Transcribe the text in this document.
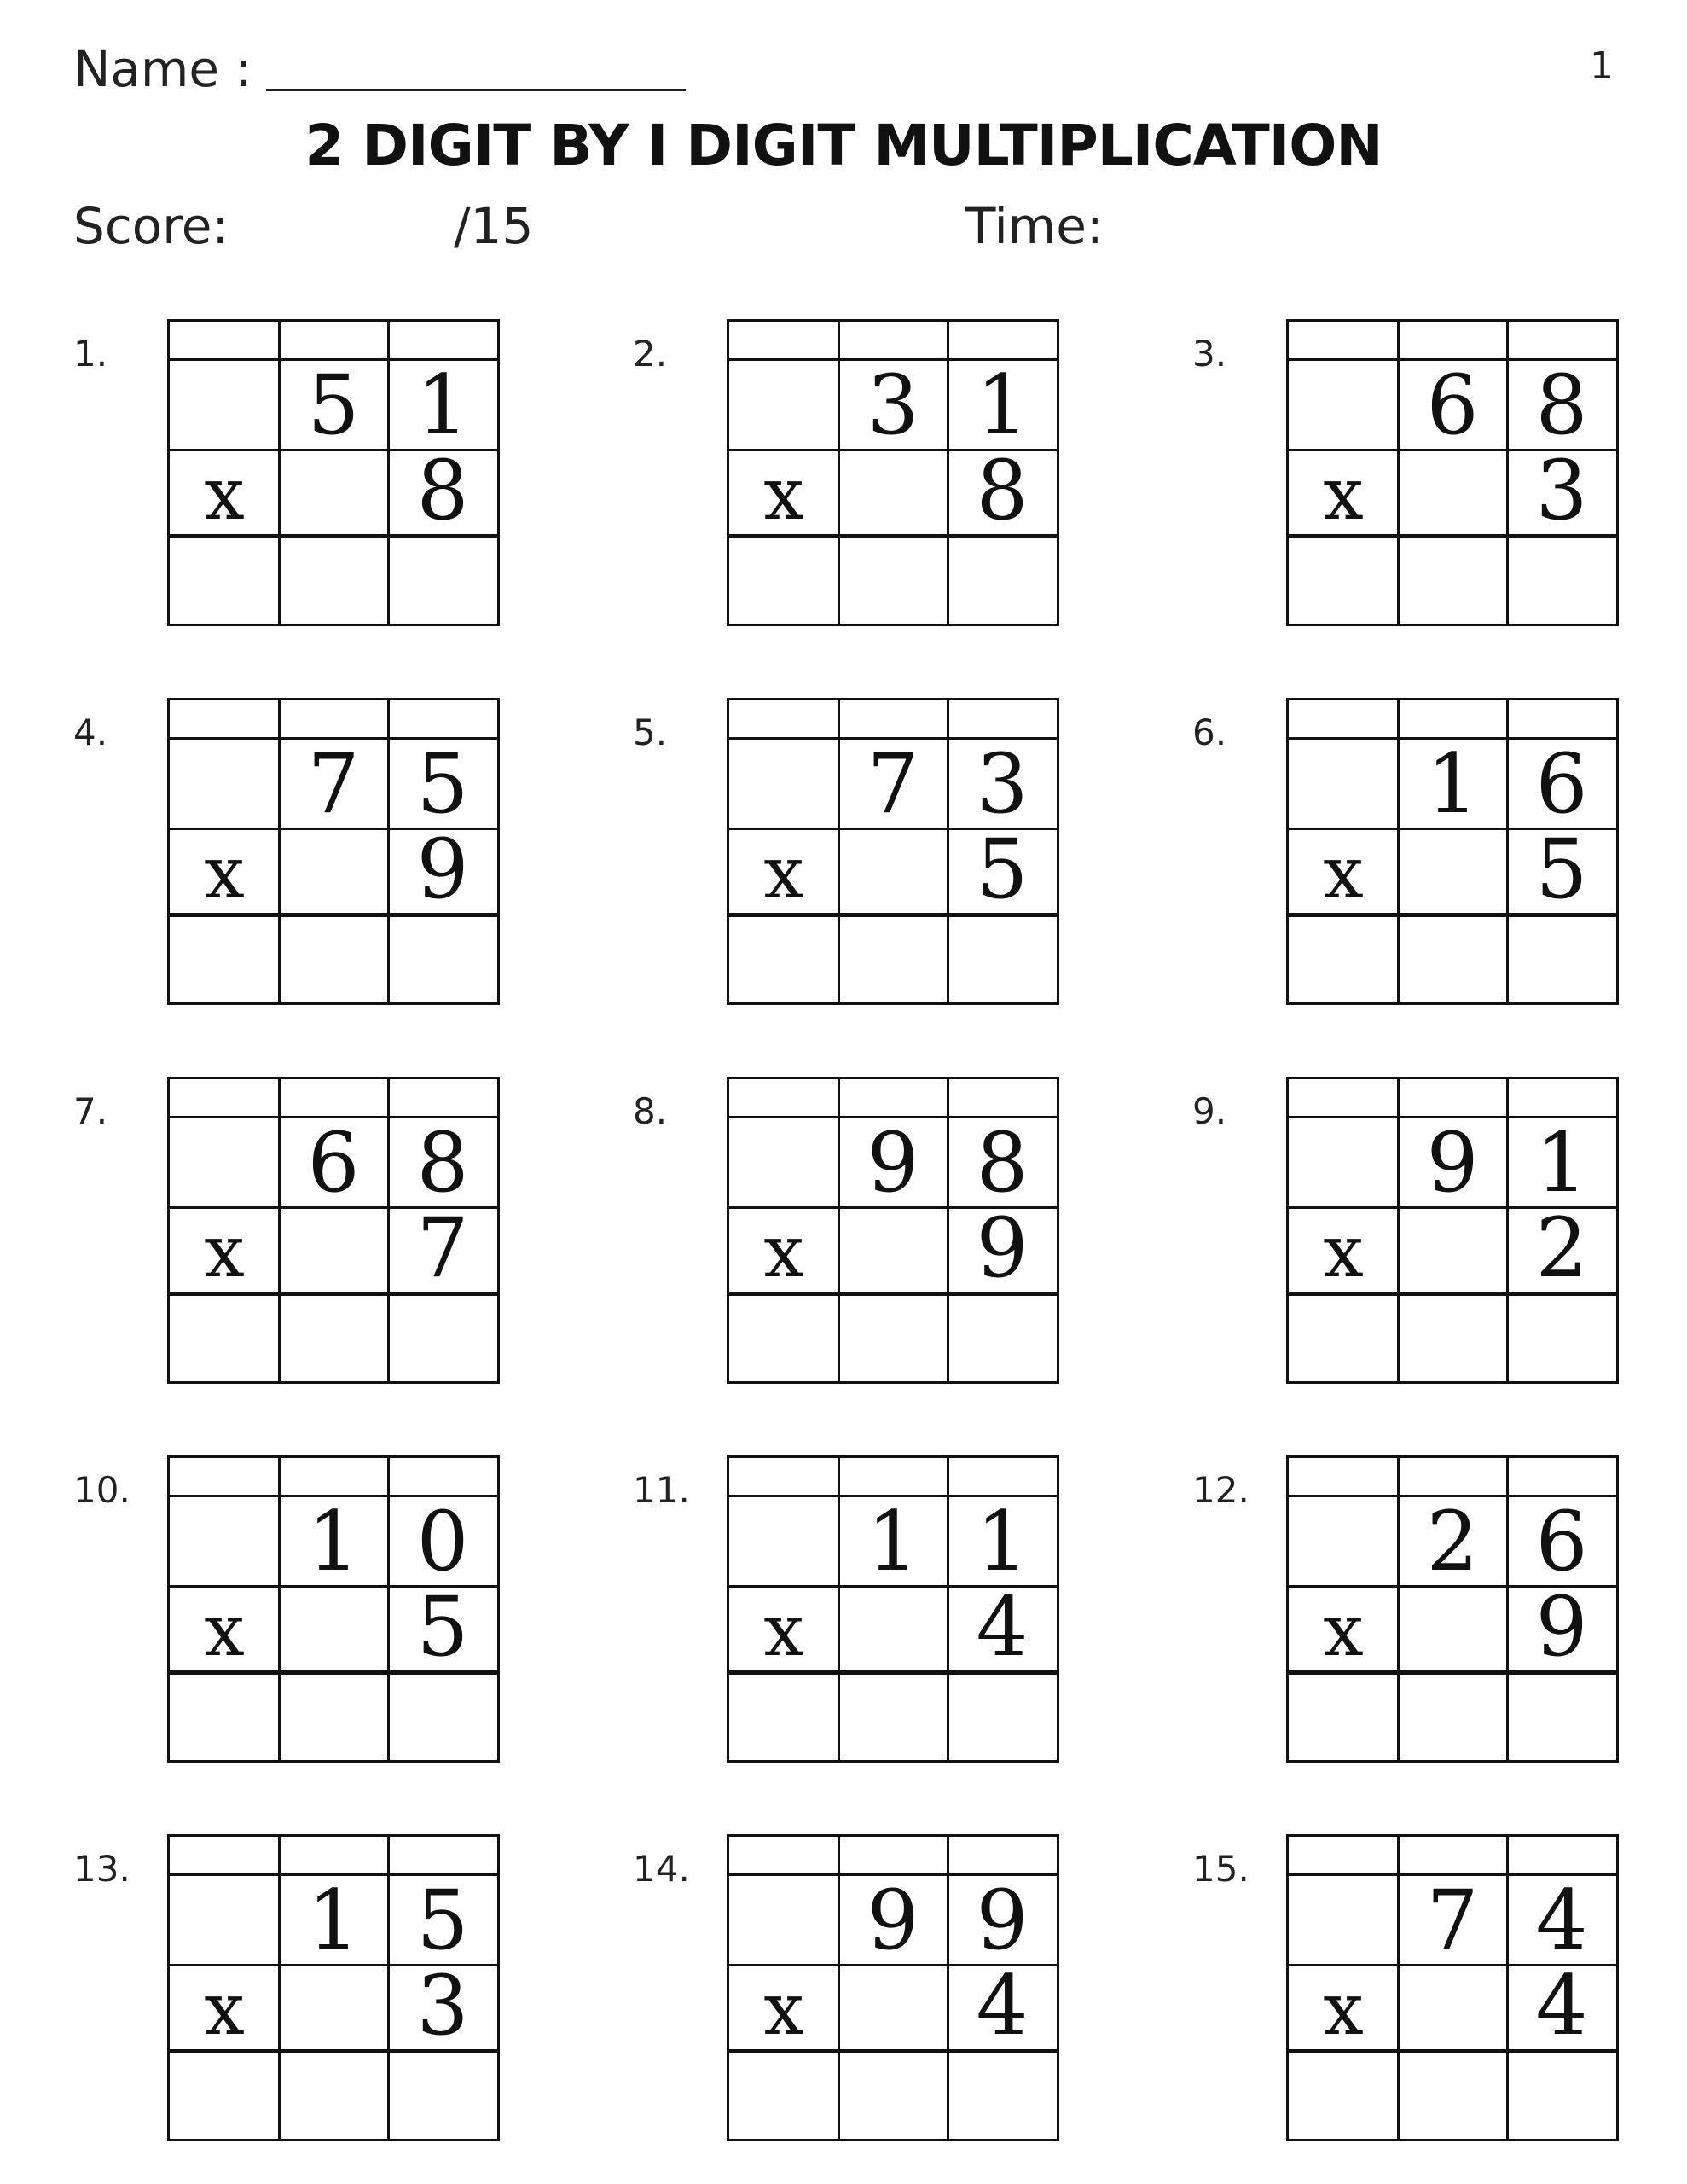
Name :	1
2 DIGIT BY I DIGIT MULTIPLICATION
Score:	/15	Time:
1.
5 1
x	8
2.
3 1
x	8
3.
6 8
x	3
4.
7 5
x	9
5.
7 3
x	5
6.
1 6
x	5
7.
6 8
x	7
8.
9 8
x	9
9.
9 1
x	2
10.
1 0
x	5
11.
1 1
x	4
12.
2 6
x	9
13.
1 5
x	3
14.
9 9
x	4
15.
7 4
x	4
